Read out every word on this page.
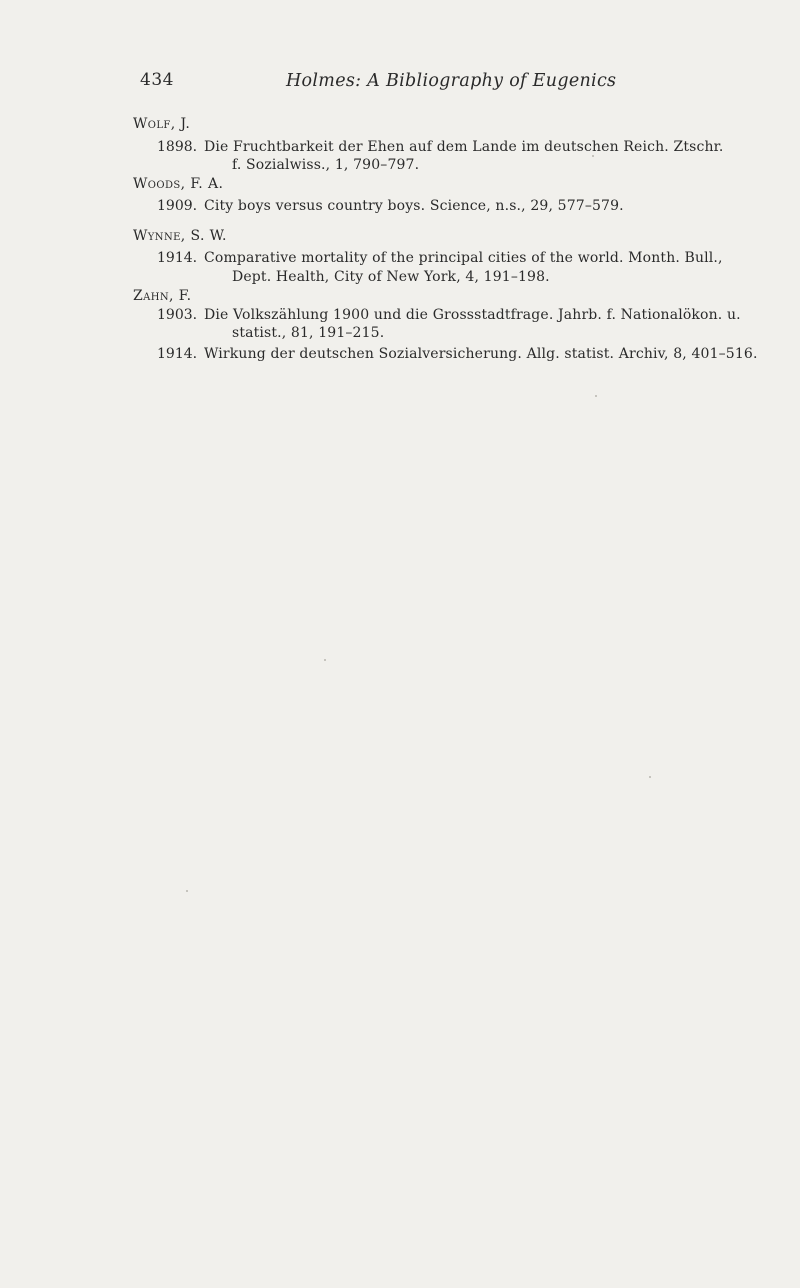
434	Holmes: A Bibliography of Eugenics
Wolf, J.
1898. Die Fruchtbarkeit der Ehen auf dem Lande im deutschen Reich. Ztschr.
f. Sozialwiss., 1, 790–797.
Woods, F. A.
1909. City boys versus country boys. Science, n.s., 29, 577–579.
Wynne, S. W.
1914. Comparative mortality of the principal cities of the world. Month. Bull.,
Dept. Health, City of New York, 4, 191–198.
Zahn, F.
1903. Die Volkszählung 1900 und die Grossstadtfrage. Jahrb. f. Nationalökon. u.
statist., 81, 191–215.
1914. Wirkung der deutschen Sozialversicherung. Allg. statist. Archiv, 8, 401–516.
